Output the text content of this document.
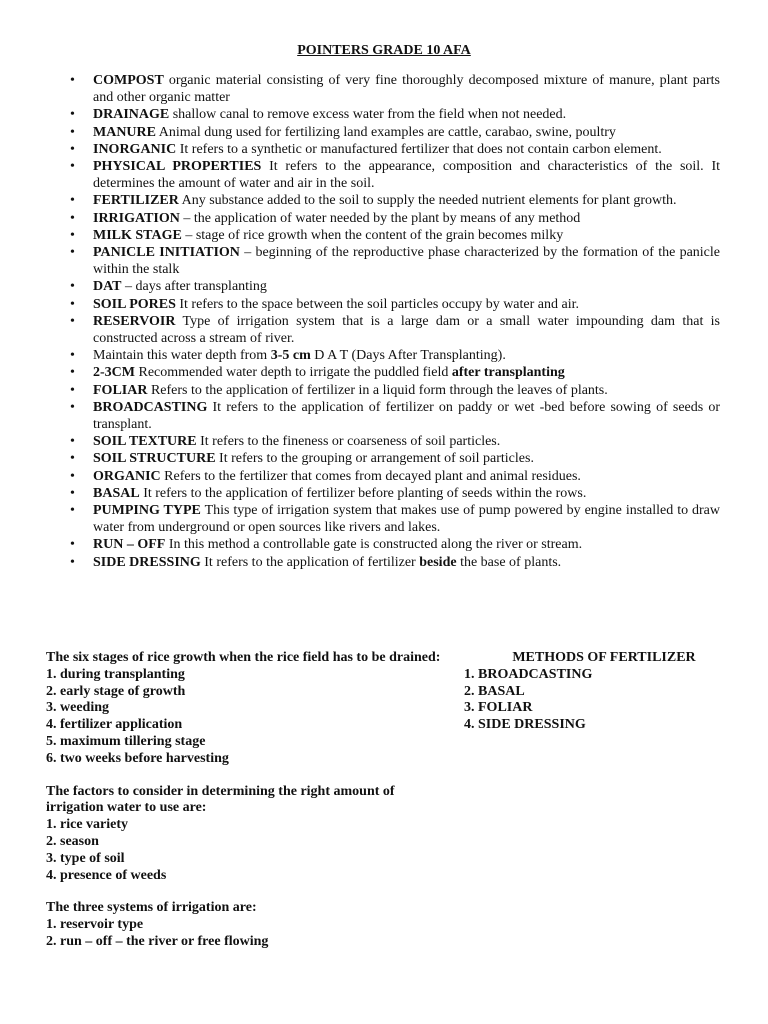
POINTERS GRADE 10 AFA
• COMPOST organic material consisting of very fine thoroughly decomposed mixture of manure, plant parts and other organic matter
• DRAINAGE shallow canal to remove excess water from the field when not needed.
• MANURE Animal dung used for fertilizing land examples are cattle, carabao, swine, poultry
• INORGANIC It refers to a synthetic or manufactured fertilizer that does not contain carbon element.
• PHYSICAL PROPERTIES It refers to the appearance, composition and characteristics of the soil. It determines the amount of water and air in the soil.
• FERTILIZER Any substance added to the soil to supply the needed nutrient elements for plant growth.
• IRRIGATION – the application of water needed by the plant by means of any method
• MILK STAGE – stage of rice growth when the content of the grain becomes milky
• PANICLE INITIATION – beginning of the reproductive phase characterized by the formation of the panicle within the stalk
• DAT – days after transplanting
• SOIL PORES It refers to the space between the soil particles occupy by water and air.
• RESERVOIR Type of irrigation system that is a large dam or a small water impounding dam that is constructed across a stream of river.
• Maintain this water depth from 3-5 cm D A T (Days After Transplanting).
• 2-3CM Recommended water depth to irrigate the puddled field after transplanting
• FOLIAR Refers to the application of fertilizer in a liquid form through the leaves of plants.
• BROADCASTING It refers to the application of fertilizer on paddy or wet -bed before sowing of seeds or transplant.
• SOIL TEXTURE It refers to the fineness or coarseness of soil particles.
• SOIL STRUCTURE It refers to the grouping or arrangement of soil particles.
• ORGANIC Refers to the fertilizer that comes from decayed plant and animal residues.
• BASAL It refers to the application of fertilizer before planting of seeds within the rows.
• PUMPING TYPE This type of irrigation system that makes use of pump powered by engine installed to draw water from underground or open sources like rivers and lakes.
• RUN – OFF In this method a controllable gate is constructed along the river or stream.
• SIDE DRESSING It refers to the application of fertilizer beside the base of plants.
The six stages of rice growth when the rice field has to be drained:
1. during transplanting
2. early stage of growth
3. weeding
4. fertilizer application
5. maximum tillering stage
6. two weeks before harvesting
The factors to consider in determining the right amount of irrigation water to use are:
1. rice variety
2. season
3. type of soil
4. presence of weeds
The three systems of irrigation are:
1. reservoir type
2. run – off – the river or free flowing
METHODS OF FERTILIZER
1. BROADCASTING
2. BASAL
3. FOLIAR
4. SIDE DRESSING
